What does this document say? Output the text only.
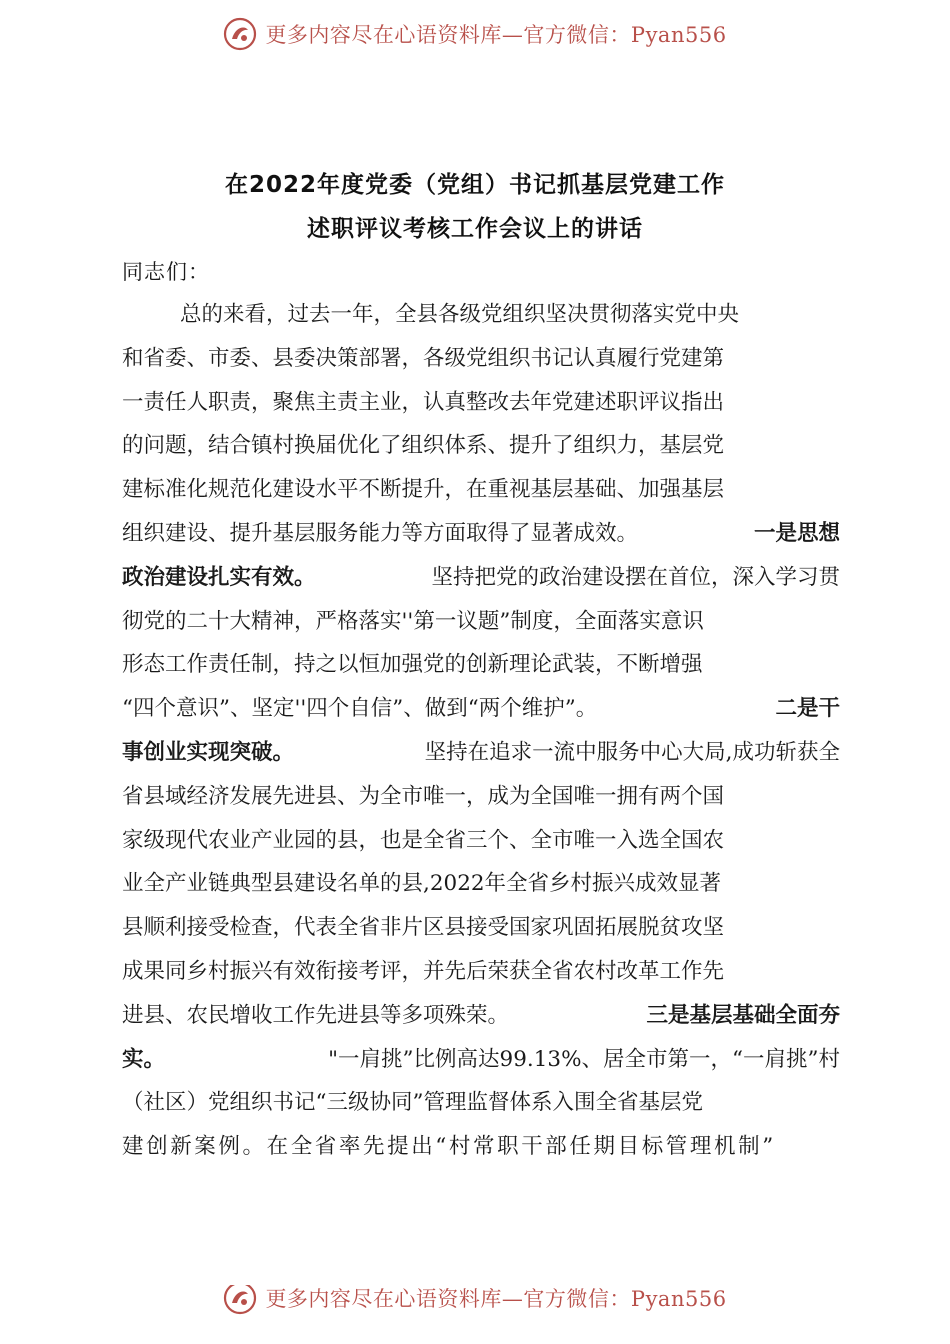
更多内容尽在心语资料库—官方微信：Pyan556
在2022年度党委（党组）书记抓基层党建工作
述职评议考核工作会议上的讲话
同志们：
总的来看，过去一年，全县各级党组织坚决贯彻落实党中央
和省委、市委、县委决策部署，各级党组织书记认真履行党建第
一责任人职责，聚焦主责主业，认真整改去年党建述职评议指出
的问题，结合镇村换届优化了组织体系、提升了组织力，基层党
建标准化规范化建设水平不断提升，在重视基层基础、加强基层
组织建设、提升基层服务能力等方面取得了显著成效。	一是思想
政治建设扎实有效。	坚持把党的政治建设摆在首位，深入学习贯
彻党的二十大精神，严格落实''第一议题”制度，全面落实意识
形态工作责任制，持之以恒加强党的创新理论武装，不断增强
“四个意识”、坚定''四个自信”、做到“两个维护”。	二是干
事创业实现突破。	坚持在追求一流中服务中心大局,成功斩获全
省县域经济发展先进县、为全市唯一，成为全国唯一拥有两个国
家级现代农业产业园的县，也是全省三个、全市唯一入选全国农
业全产业链典型县建设名单的县,2022年全省乡村振兴成效显著
县顺利接受检查，代表全省非片区县接受国家巩固拓展脱贫攻坚
成果同乡村振兴有效衔接考评，并先后荣获全省农村改革工作先
进县、农民增收工作先进县等多项殊荣。	三是基层基础全面夯
实。	"一肩挑”比例高达99.13%、居全市第一，“一肩挑”村
（社区）党组织书记“三级协同”管理监督体系入围全省基层党
建创新案例。在全省率先提出“村常职干部任期目标管理机制”
更多内容尽在心语资料库—官方微信：Pyan556
